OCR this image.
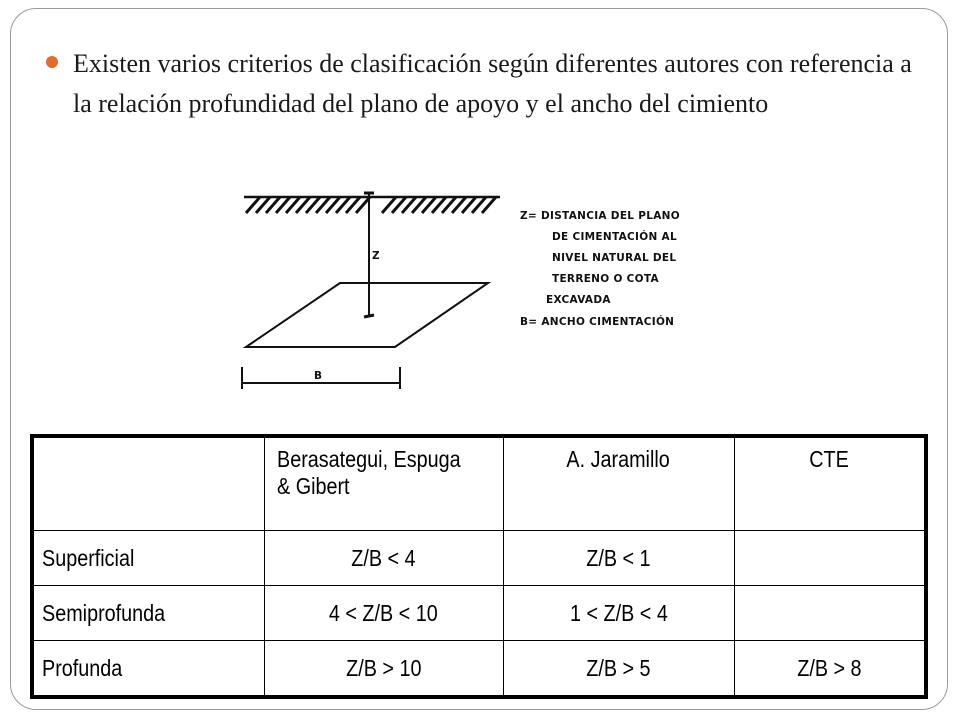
Existen varios criterios de clasificación según diferentes autores con referencia a la relación profundidad del plano de apoyo y el ancho del cimiento
Z
B
Z= DISTANCIA DEL PLANO
DE CIMENTACIÓN AL
NIVEL NATURAL DEL
TERRENO O COTA
EXCAVADA
B= ANCHO CIMENTACIÓN
	Berasategui, Espuga
& Gibert	A. Jaramillo	CTE
Superficial	Z/B < 4	Z/B < 1	
Semiprofunda	4 < Z/B < 10	1 < Z/B < 4	
Profunda	Z/B > 10	Z/B > 5	Z/B > 8
